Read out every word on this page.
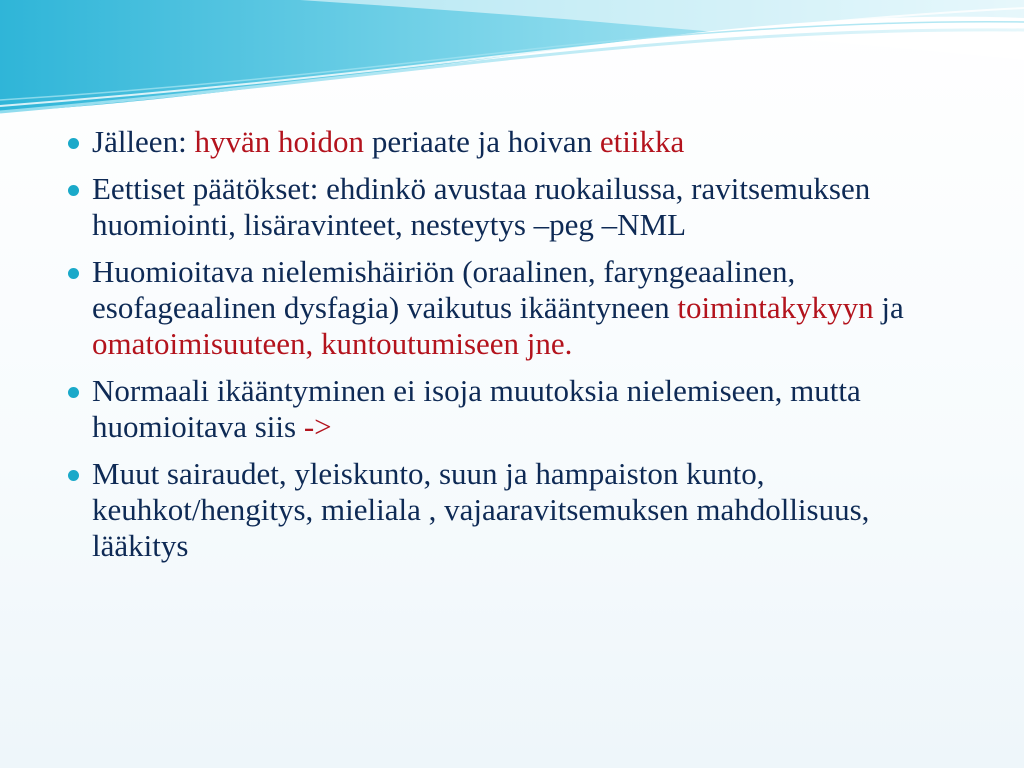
Jälleen: hyvän hoidon periaate ja hoivan etiikka
Eettiset päätökset: ehdinkö avustaa ruokailussa, ravitsemuksen huomiointi, lisäravinteet, nesteytys –peg –NML
Huomioitava nielemishäiriön (oraalinen, faryngeaalinen, esofageaalinen dysfagia) vaikutus ikääntyneen toimintakykyyn ja omatoimisuuteen, kuntoutumiseen jne.
Normaali ikääntyminen ei isoja muutoksia nielemiseen, mutta huomioitava siis ->
Muut sairaudet, yleiskunto, suun ja hampaiston kunto, keuhkot/hengitys, mieliala , vajaaravitsemuksen mahdollisuus, lääkitys
